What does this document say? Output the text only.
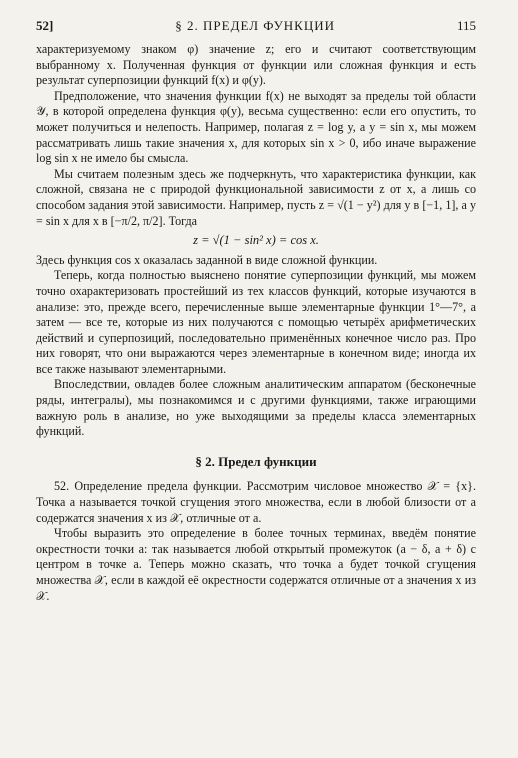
52]	§ 2. ПРЕДЕЛ ФУНКЦИИ	115

характеризуемому знаком φ) значение z; его и считают соответствующим выбранному x. Полученная функция от функции или сложная функция и есть результат суперпозиции функций f(x) и φ(y).

Предположение, что значения функции f(x) не выходят за пределы той области 𝒴, в которой определена функция φ(y), весьма существенно: если его опустить, то может получиться и нелепость. Например, полагая z = log y, а y = sin x, мы можем рассматривать лишь такие значения x, для которых sin x > 0, ибо иначе выражение log sin x не имело бы смысла.

Мы считаем полезным здесь же подчеркнуть, что характеристика функции, как сложной, связана не с природой функциональной зависимости z от x, а лишь со способом задания этой зависимости. Например, пусть z = √(1 − y²) для y в [−1, 1], а y = sin x для x в [−π/2, π/2]. Тогда

z = √(1 − sin² x) = cos x.

Здесь функция cos x оказалась заданной в виде сложной функции.

Теперь, когда полностью выяснено понятие суперпозиции функций, мы можем точно охарактеризовать простейший из тех классов функций, которые изучаются в анализе: это, прежде всего, перечисленные выше элементарные функции 1°—7°, а затем — все те, которые из них получаются с помощью четырёх арифметических действий и суперпозиций, последовательно применённых конечное число раз. Про них говорят, что они выражаются через элементарные в конечном виде; иногда их все также называют элементарными.

Впоследствии, овладев более сложным аналитическим аппаратом (бесконечные ряды, интегралы), мы познакомимся и с другими функциями, также играющими важную роль в анализе, но уже выходящими за пределы класса элементарных функций.

§ 2. Предел функции

52. Определение предела функции. Рассмотрим числовое множество 𝒳 = {x}. Точка a называется точкой сгущения этого множества, если в любой близости от a содержатся значения x из 𝒳, отличные от a.

Чтобы выразить это определение в более точных терминах, введём понятие окрестности точки a: так называется любой открытый промежуток (a − δ, a + δ) с центром в точке a. Теперь можно сказать, что точка a будет точкой сгущения множества 𝒳, если в каждой её окрестности содержатся отличные от a значения x из 𝒳.
